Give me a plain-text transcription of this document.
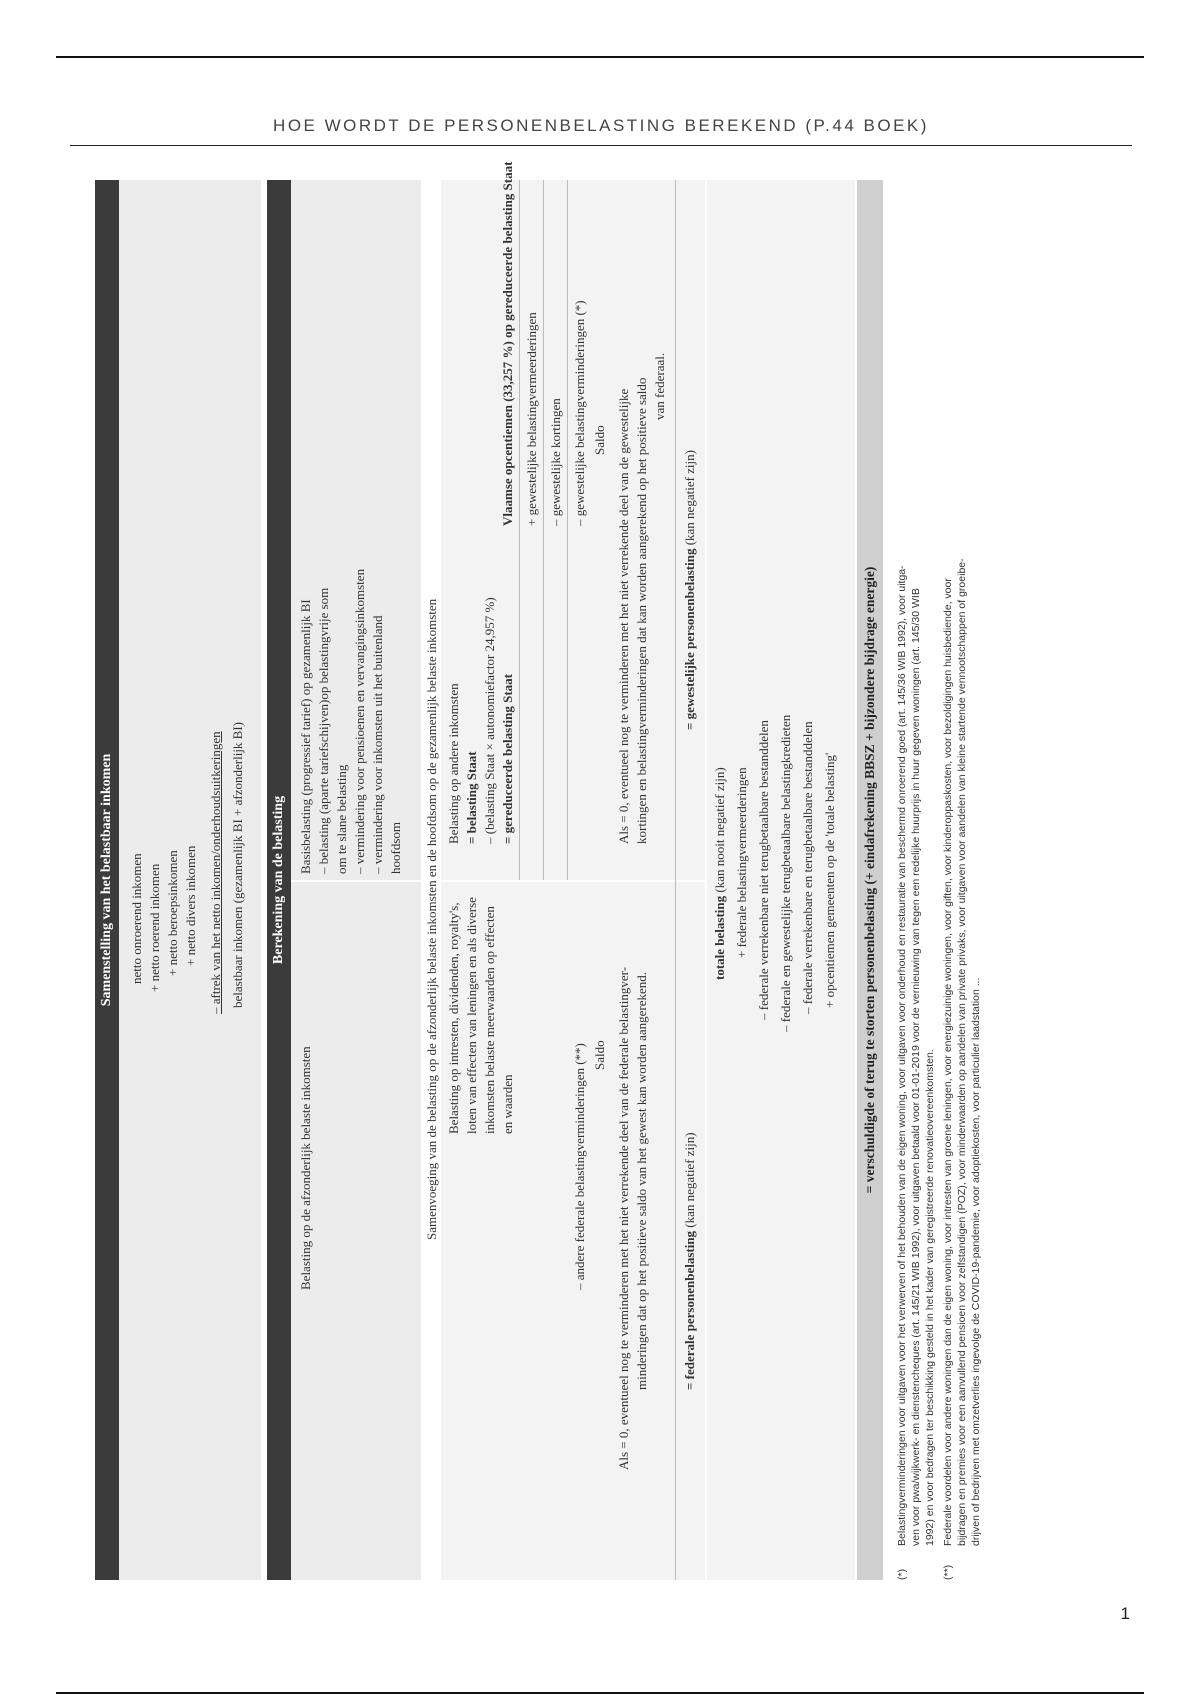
HOE WORDT DE PERSONENBELASTING BEREKEND (P.44 BOEK)
Samenstelling van het belastbaar inkomen	netto onroerend inkomen + netto roerend inkomen + netto beroepsinkomen + netto divers inkomen – aftrek van het netto inkomen/onderhoudsuitkeringen belastbaar inkomen (gezamenlijk BI + afzonderlijk BI) Berekening van de belasting
Belasting op de afzonderlijk belaste inkomsten
Basisbelasting (progressief tarief) op gezamenlijk BI – belasting (aparte tariefschijven)op belastingvrije som om te slane belasting – vermindering voor pensioenen en vervangingsinkomsten – vermindering voor inkomsten uit het buitenland hoofdsom Samenvoeging van de belasting op de afzonderlijk belaste inkomsten en de hoofdsom op de gezamenlijk belaste inkomsten Belasting op intresten, dividenden, royalty's, loten van effecten van leningen en als diverse inkomsten belaste meerwaarden op effecten en waarden
Belasting op andere inkomsten = belasting Staat – (belasting Staat × autonomiefactor 24,957 %) = gereduceerde belasting Staat
Vlaamse opcentiemen (33,257 %) op gereduceerde belasting Staat + gewestelijke belastingvermeerderingen – gewestelijke kortingen – gewestelijke belastingverminderingen (*)
– andere federale belastingverminderingen (**) Saldo
Saldo
Als = 0, eventueel nog te verminderen met het niet verrekende deel van de federale belastingver- minderingen dat op het positieve saldo van het gewest kan worden aangerekend.
Als = 0, eventueel nog te verminderen met het niet verrekende deel van de gewestelijke kortingen en belastingverminderingen dat kan worden aangerekend op het positieve saldo van federaal.
= federale personenbelasting (kan negatief zijn)
= gewestelijke personenbelasting (kan negatief zijn)
totale belasting (kan nooit negatief zijn) + federale belastingvermeerderingen – federale verrekenbare niet terugbetaalbare bestanddelen – federale en gewestelijke terugbetaalbare belastingkredieten – federale verrekenbare en terugbetaalbare bestanddelen + opcentiemen gemeenten op de 'totale belasting'	= verschuldigde of terug te storten personenbelasting (+ eindafrekening BBSZ + bijzondere bijdrage energie)
(*)
Belastingverminderingen voor uitgaven voor het verwerven of het behouden van de eigen woning, voor uitgaven voor onderhoud en restauratie van beschermd onroerend goed (art. 145/36 WIB 1992), voor uitga- ven voor pwa/wijkwerk- en dienstencheques (art. 145/21 WIB 1992), voor uitgaven betaald voor 01-01-2019 voor de vernieuwing van tegen een redelijke huurprijs in huur gegeven woningen (art. 145/30 WIB 1992) en voor bedragen ter beschikking gesteld in het kader van geregistreerde renovatieovereenkomsten.
(**)
Federale voordelen voor andere woningen dan de eigen woning, voor intresten van groene leningen, voor energiezuinige woningen, voor giften, voor kinderoppaskosten, voor bezoldigingen huisbediende, voor bijdragen en premies voor een aanvullend pensioen voor zelfstandigen (POZ), voor minderwaarden op aandelen van private privaks, voor uitgaven voor aandelen van kleine startende vennootschappen of groeibe- drijven of bedrijven met omzetverlies ingevolge de COVID-19-pandemie, voor adoptiekosten, voor particulier laadstation ...
1
